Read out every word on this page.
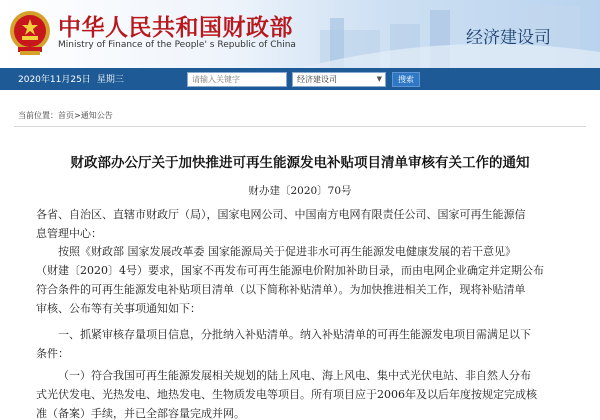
中华人民共和国财政部
Ministry of Finance of the People' s Republic of China	经济建设司
2020年11月25日 星期三
请输入关键字	经济建设司	▼	搜索
当前位置：首页>通知公告
财政部办公厅关于加快推进可再生能源发电补贴项目清单审核有关工作的通知
财办建〔2020〕70号
各省、自治区、直辖市财政厅（局），国家电网公司、中国南方电网有限责任公司、国家可再生能源信
息管理中心：
按照《财政部 国家发展改革委 国家能源局关于促进非水可再生能源发电健康发展的若干意见》
（财建〔2020〕4号）要求，国家不再发布可再生能源电价附加补助目录，而由电网企业确定并定期公布
符合条件的可再生能源发电补贴项目清单（以下简称补贴清单）。为加快推进相关工作，现将补贴清单
审核、公布等有关事项通知如下：
一、抓紧审核存量项目信息，分批纳入补贴清单。纳入补贴清单的可再生能源发电项目需满足以下
条件：
（一）符合我国可再生能源发展相关规划的陆上风电、海上风电、集中式光伏电站、非自然人分布
式光伏发电、光热发电、地热发电、生物质发电等项目。所有项目应于2006年及以后年度按规定完成核
准（备案）手续，并已全部容量完成并网。
